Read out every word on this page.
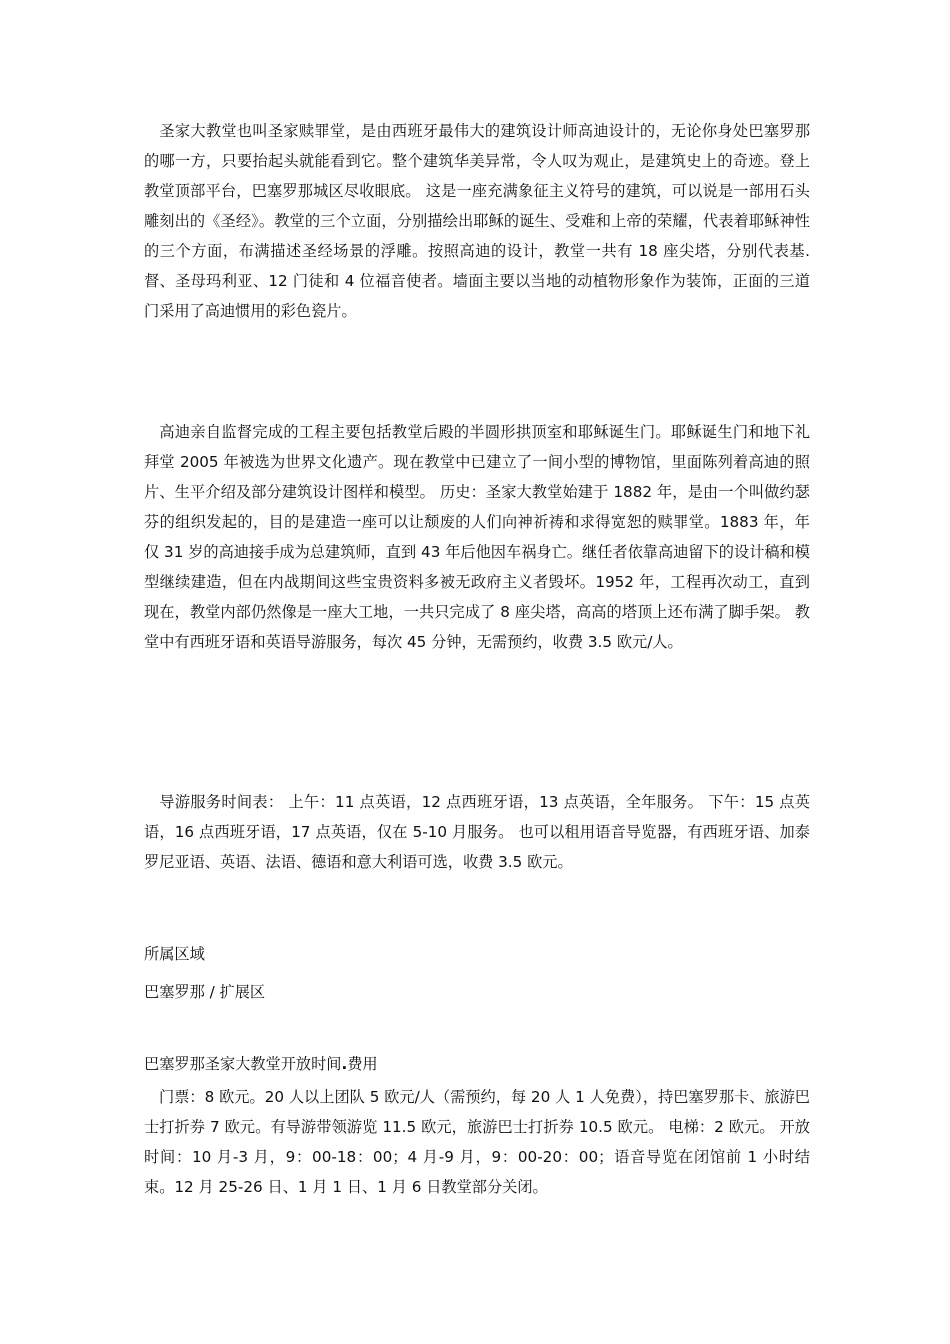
圣家大教堂也叫圣家赎罪堂，是由西班牙最伟大的建筑设计师高迪设计的，无论你身处巴塞罗那的哪一方，只要抬起头就能看到它。整个建筑华美异常，令人叹为观止，是建筑史上的奇迹。登上教堂顶部平台，巴塞罗那城区尽收眼底。 这是一座充满象征主义符号的建筑，可以说是一部用石头雕刻出的《圣经》。教堂的三个立面，分别描绘出耶稣的诞生、受难和上帝的荣耀，代表着耶稣神性的三个方面，布满描述圣经场景的浮雕。按照高迪的设计，教堂一共有 18 座尖塔，分别代表基.督、圣母玛利亚、12 门徒和 4 位福音使者。墙面主要以当地的动植物形象作为装饰，正面的三道门采用了高迪惯用的彩色瓷片。

高迪亲自监督完成的工程主要包括教堂后殿的半圆形拱顶室和耶稣诞生门。耶稣诞生门和地下礼拜堂 2005 年被选为世界文化遗产。现在教堂中已建立了一间小型的博物馆，里面陈列着高迪的照片、生平介绍及部分建筑设计图样和模型。 历史：圣家大教堂始建于 1882 年，是由一个叫做约瑟芬的组织发起的，目的是建造一座可以让颓废的人们向神祈祷和求得宽恕的赎罪堂。1883 年，年仅 31 岁的高迪接手成为总建筑师，直到 43 年后他因车祸身亡。继任者依靠高迪留下的设计稿和模型继续建造，但在内战期间这些宝贵资料多被无政府主义者毁坏。1952 年，工程再次动工，直到现在，教堂内部仍然像是一座大工地，一共只完成了 8 座尖塔，高高的塔顶上还布满了脚手架。 教堂中有西班牙语和英语导游服务，每次 45 分钟，无需预约，收费 3.5 欧元/人。

导游服务时间表： 上午：11 点英语，12 点西班牙语，13 点英语，全年服务。 下午：15 点英语，16 点西班牙语，17 点英语，仅在 5-10 月服务。 也可以租用语音导览器，有西班牙语、加泰罗尼亚语、英语、法语、德语和意大利语可选，收费 3.5 欧元。

所属区域

巴塞罗那 / 扩展区

巴塞罗那圣家大教堂开放时间.费用

门票：8 欧元。20 人以上团队 5 欧元/人（需预约，每 20 人 1 人免费），持巴塞罗那卡、旅游巴士打折券 7 欧元。有导游带领游览 11.5 欧元，旅游巴士打折券 10.5 欧元。 电梯：2 欧元。 开放时间：10 月-3 月，9：00-18：00；4 月-9 月，9：00-20：00；语音导览在闭馆前 1 小时结束。12 月 25-26 日、1 月 1 日、1 月 6 日教堂部分关闭。
